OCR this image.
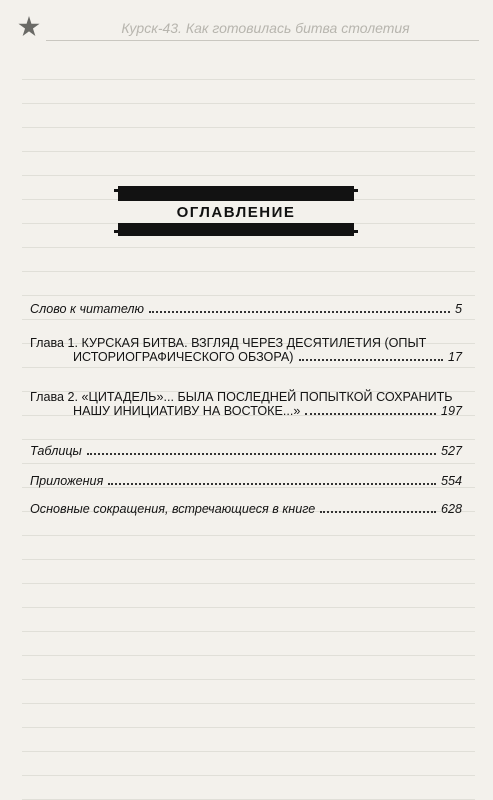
Курск-43. Как готовилась битва столетия
ОГЛАВЛЕНИЕ
Слово к читателю	5
Глава 1. КУРСКАЯ БИТВА. ВЗГЛЯД ЧЕРЕЗ ДЕСЯТИЛЕТИЯ (ОПЫТ
ИСТОРИОГРАФИЧЕСКОГО ОБЗОРА)	17
Глава 2. «ЦИТАДЕЛЬ»... БЫЛА ПОСЛЕДНЕЙ ПОПЫТКОЙ СОХРАНИТЬ
НАШУ ИНИЦИАТИВУ НА ВОСТОКЕ...»	197
Таблицы	527
Приложения	554
Основные сокращения, встречающиеся в книге	628
